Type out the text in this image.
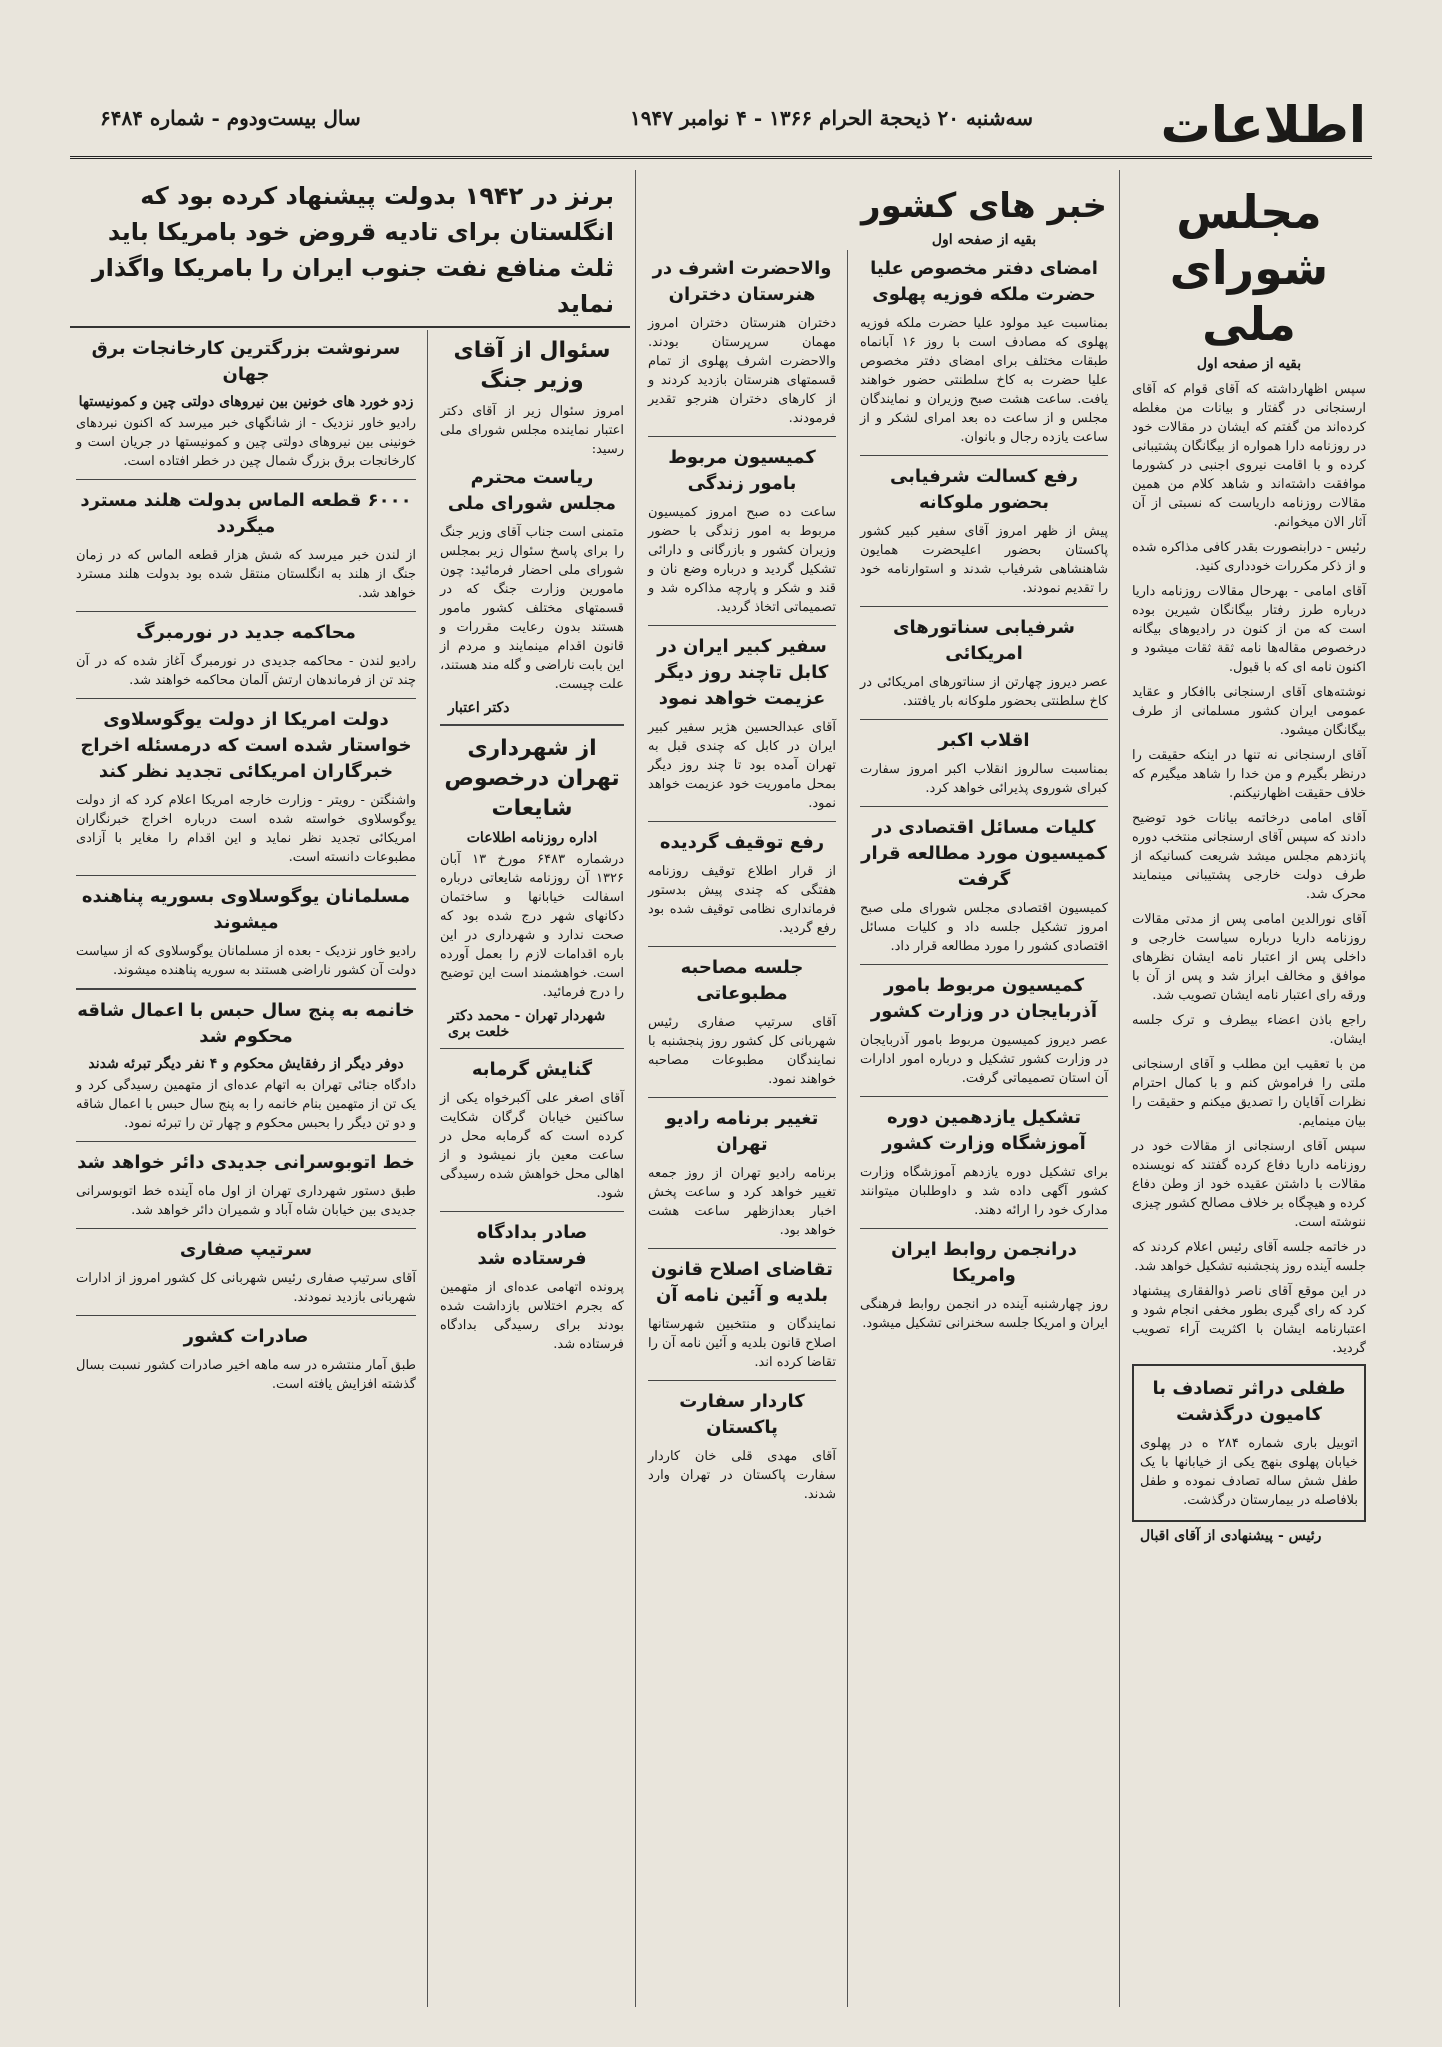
اطلاعات
سه‌شنبه ۲۰ ذیحجة الحرام ۱۳۶۶ - ۴ نوامبر ۱۹۴۷
سال بیست‌ودوم - شماره ۶۴۸۴
مجلس شورای ملی
بقیه از صفحه اول

سپس اظهارداشته که آقای قوام که آقای ارسنجانی در گفتار و بیانات من مغلطه کرده‌اند من گفتم که ایشان در مقالات خود در روزنامه دارا همواره از بیگانگان پشتیبانی کرده و با اقامت نیروی اجنبی در کشورما موافقت داشته‌اند و شاهد کلام من همین مقالات روزنامه داریاست که نسبتی از آن آثار الان میخوانم.

رئیس - درابنصورت بقدر کافی مذاکره شده و از ذکر مکررات خودداری کنید.

آقای امامی - بهرحال مقالات روزنامه داریا درباره طرز رفتار بیگانگان شیرین بوده است که من از کنون در رادیوهای بیگانه درخصوص مقاله‌ها نامه ثقة ثقات میشود و اکنون نامه ای که با قبول.

نوشته‌های آقای ارسنجانی باافکار و عقاید عمومی ایران کشور مسلمانی از طرف بیگانگان میشود.

آقای ارسنجانی نه تنها در اینکه حقیقت را درنظر بگیرم و من خدا را شاهد میگیرم که خلاف حقیقت اظهارنیکنم.

آقای امامی درخاتمه بیانات خود توضیح دادند که سپس آقای ارسنجانی منتخب دوره پانزدهم مجلس میشد شریعت کسانیکه از طرف دولت خارجی پشتیبانی مینمایند محرک شد.

آقای نورالدین امامی پس از مدتی مقالات روزنامه داریا درباره سیاست خارجی و داخلی پس از اعتبار نامه ایشان نظرهای موافق و مخالف ابراز شد و پس از آن با ورقه رای اعتبار نامه ایشان تصویب شد.

راجع باذن اعضاء بیطرف و ترک جلسه ایشان.

من با تعقیب این مطلب و آقای ارسنجانی ملتی را فراموش کنم و با کمال احترام نظرات آقایان را تصدیق میکنم و حقیقت را بیان مینمایم.

سپس آقای ارسنجانی از مقالات خود در روزنامه داریا دفاع کرده گفتند که نویسنده مقالات با داشتن عقیده خود از وطن دفاع کرده و هیچگاه بر خلاف مصالح کشور چیزی ننوشته است.

در خاتمه جلسه آقای رئیس اعلام کردند که جلسه آینده روز پنجشنبه تشکیل خواهد شد.

در این موقع آقای ناصر ذوالفقاری پیشنهاد کرد که رای گیری بطور مخفی انجام شود و اعتبارنامه ایشان با اکثریت آراء تصویب گردید.

طفلی دراثر تصادف با کامیون درگذشت

اتوبیل باری شماره ۲۸۴ ه در پهلوی خیابان پهلوی بنهج یکی از خیابانها با یک طفل شش ساله تصادف نموده و طفل بلافاصله در بیمارستان درگذشت.

رئیس - پیشنهادی از آقای اقبال
خبر های کشور
بقیه از صفحه اول
امضای دفتر مخصوص علیا حضرت ملکه فوزیه پهلوی

بمناسبت عید مولود علیا حضرت ملکه فوزیه پهلوی که مصادف است با روز ۱۶ آبانماه طبقات مختلف برای امضای دفتر مخصوص علیا حضرت به کاخ سلطنتی حضور خواهند یافت. ساعت هشت صبح وزیران و نمایندگان مجلس و از ساعت ده بعد امرای لشکر و از ساعت یازده رجال و بانوان.

رفع کسالت شرفیابی بحضور ملوکانه

پیش از ظهر امروز آقای سفیر کبیر کشور پاکستان بحضور اعلیحضرت همایون شاهنشاهی شرفیاب شدند و استوارنامه خود را تقدیم نمودند.

شرفیابی سناتورهای امریکائی

عصر دیروز چهارتن از سناتورهای امریکائی در کاخ سلطنتی بحضور ملوکانه بار یافتند.

اقلاب اکبر

بمناسبت سالروز انقلاب اکبر امروز سفارت کبرای شوروی پذیرائی خواهد کرد.

کلیات مسائل اقتصادی در کمیسیون مورد مطالعه قرار گرفت

کمیسیون اقتصادی مجلس شورای ملی صبح امروز تشکیل جلسه داد و کلیات مسائل اقتصادی کشور را مورد مطالعه قرار داد.

کمیسیون مربوط بامور آذربایجان در وزارت کشور

عصر دیروز کمیسیون مربوط بامور آذربایجان در وزارت کشور تشکیل و درباره امور ادارات آن استان تصمیماتی گرفت.

تشکیل یازدهمین دوره آموزشگاه وزارت کشور

برای تشکیل دوره یازدهم آموزشگاه وزارت کشور آگهی داده شد و داوطلبان میتوانند مدارک خود را ارائه دهند.

درانجمن روابط ایران وامریکا

روز چهارشنبه آینده در انجمن روابط فرهنگی ایران و امریکا جلسه سخنرانی تشکیل میشود.

والاحضرت اشرف در هنرستان دختران

دختران هنرستان دختران امروز مهمان سرپرستان بودند. والاحضرت اشرف پهلوی از تمام قسمتهای هنرستان بازدید کردند و از کارهای دختران هنرجو تقدیر فرمودند.

کمیسیون مربوط بامور زندگی

ساعت ده صبح امروز کمیسیون مربوط به امور زندگی با حضور وزیران کشور و بازرگانی و دارائی تشکیل گردید و درباره وضع نان و قند و شکر و پارچه مذاکره شد و تصمیماتی اتخاذ گردید.

سفیر کبیر ایران در کابل تاچند روز دیگر عزیمت خواهد نمود

آقای عبدالحسین هژیر سفیر کبیر ایران در کابل که چندی قبل به تهران آمده بود تا چند روز دیگر بمحل ماموریت خود عزیمت خواهد نمود.

رفع توقیف گردیده

از قرار اطلاع توقیف روزنامه هفتگی که چندی پیش بدستور فرمانداری نظامی توقیف شده بود رفع گردید.

جلسه مصاحبه مطبوعاتی

آقای سرتیپ صفاری رئیس شهربانی کل کشور روز پنجشنبه با نمایندگان مطبوعات مصاحبه خواهند نمود.

تغییر برنامه رادیو تهران

برنامه رادیو تهران از روز جمعه تغییر خواهد کرد و ساعت پخش اخبار بعدازظهر ساعت هشت خواهد بود.

تقاضای اصلاح قانون بلدیه و آئین نامه آن

نمایندگان و منتخبین شهرستانها اصلاح قانون بلدیه و آئین نامه آن را تقاضا کرده اند.

کاردار سفارت پاکستان

آقای مهدی قلی خان کاردار سفارت پاکستان در تهران وارد شدند.

سئوال از آقای وزیر جنگ

امروز سئوال زیر از آقای دکتر اعتبار نماینده مجلس شورای ملی رسید:

ریاست محترم مجلس شورای ملی

متمنی است جناب آقای وزیر جنگ را برای پاسخ سئوال زیر بمجلس شورای ملی احضار فرمائید: چون مامورین وزارت جنگ که در قسمتهای مختلف کشور مامور هستند بدون رعایت مقررات و قانون اقدام مینمایند و مردم از این بابت ناراضی و گله مند هستند، علت چیست.

دکتر اعتبار
از شهرداری تهران درخصوص شایعات
اداره روزنامه اطلاعات

درشماره ۶۴۸۳ مورخ ۱۳ آبان ۱۳۲۶ آن روزنامه شایعاتی درباره اسفالت خیابانها و ساختمان دکانهای شهر درج شده بود که صحت ندارد و شهرداری در این باره اقدامات لازم را بعمل آورده است. خواهشمند است این توضیح را درج فرمائید.

شهردار تهران - محمد دکتر خلعت بری
گنایش گرمابه

آقای اصغر علی آکبرخواه یکی از ساکنین خیابان گرگان شکایت کرده است که گرمابه محل در ساعت معین باز نمیشود و از اهالی محل خواهش شده رسیدگی شود.

صادر بدادگاه فرستاده شد

پرونده اتهامی عده‌ای از متهمین که بجرم اختلاس بازداشت شده بودند برای رسیدگی بدادگاه فرستاده شد.

سرنوشت بزرگترین کارخانجات برق جهان
زدو خورد های خونین بین نیروهای دولتی چین و کمونیستها

رادیو خاور نزدیک - از شانگهای خبر میرسد که اکنون نبردهای خونینی بین نیروهای دولتی چین و کمونیستها در جریان است و کارخانجات برق بزرگ شمال چین در خطر افتاده است.

۶۰۰۰ قطعه الماس بدولت هلند مسترد میگردد

از لندن خبر میرسد که شش هزار قطعه الماس که در زمان جنگ از هلند به انگلستان منتقل شده بود بدولت هلند مسترد خواهد شد.

محاکمه جدید در نورمبرگ

رادیو لندن - محاکمه جدیدی در نورمبرگ آغاز شده که در آن چند تن از فرماندهان ارتش آلمان محاکمه خواهند شد.

دولت امریکا از دولت یوگوسلاوی خواستار شده است که درمسئله اخراج خبرگاران امریکائی تجدید نظر کند

واشنگتن - رویتر - وزارت خارجه امریکا اعلام کرد که از دولت یوگوسلاوی خواسته شده است درباره اخراج خبرنگاران امریکائی تجدید نظر نماید و این اقدام را مغایر با آزادی مطبوعات دانسته است.

مسلمانان یوگوسلاوی بسوریه پناهنده میشوند

رادیو خاور نزدیک - بعده از مسلمانان یوگوسلاوی که از سیاست دولت آن کشور ناراضی هستند به سوریه پناهنده میشوند.

خانمه به پنج سال حبس با اعمال شاقه محکوم شد
دوفر دیگر از رفقایش محکوم و ۴ نفر دیگر تبرئه شدند

دادگاه جنائی تهران به اتهام عده‌ای از متهمین رسیدگی کرد و یک تن از متهمین بنام خانمه را به پنج سال حبس با اعمال شاقه و دو تن دیگر را بحبس محکوم و چهار تن را تبرئه نمود.

خط اتوبوسرانی جدیدی دائر خواهد شد

طبق دستور شهرداری تهران از اول ماه آینده خط اتوبوسرانی جدیدی بین خیابان شاه آباد و شمیران دائر خواهد شد.

سرتیپ صفاری

آقای سرتیپ صفاری رئیس شهربانی کل کشور امروز از ادارات شهربانی بازدید نمودند.

صادرات کشور

طبق آمار منتشره در سه ماهه اخیر صادرات کشور نسبت بسال گذشته افزایش یافته است.

برنز در ۱۹۴۲ بدولت پیشنهاد کرده بود که انگلستان برای تادیه قروض خود بامریکا باید ثلث منافع نفت جنوب ایران را بامریکا واگذار نماید
